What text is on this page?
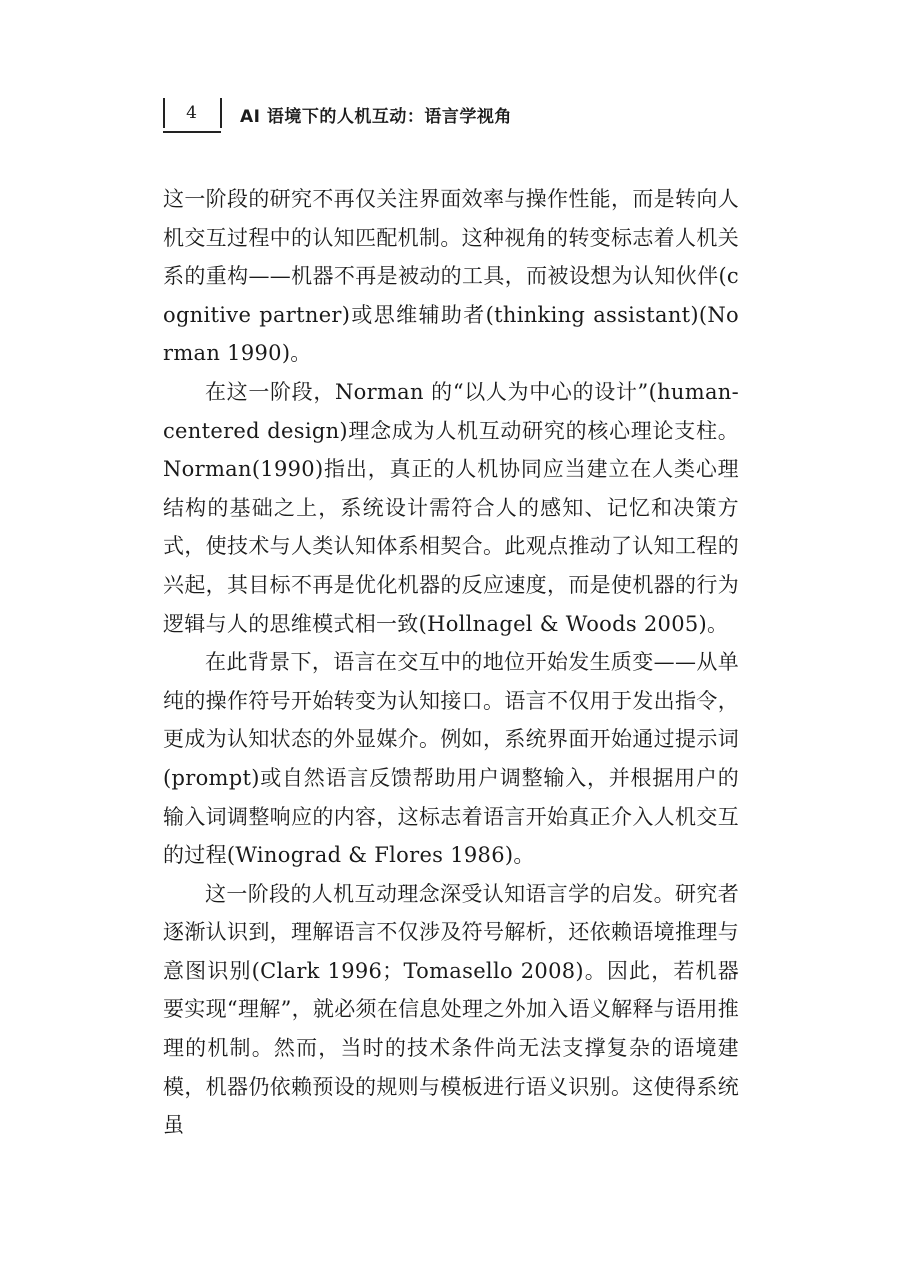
4	AI 语境下的人机互动：语言学视角

这一阶段的研究不再仅关注界面效率与操作性能，而是转向人机交互过程中的认知匹配机制。这种视角的转变标志着人机关系的重构——机器不再是被动的工具，而被设想为认知伙伴(cognitive partner)或思维辅助者(thinking assistant)(Norman 1990)。

在这一阶段，Norman 的“以人为中心的设计”(human-centered design)理念成为人机互动研究的核心理论支柱。Norman(1990)指出，真正的人机协同应当建立在人类心理结构的基础之上，系统设计需符合人的感知、记忆和决策方式，使技术与人类认知体系相契合。此观点推动了认知工程的兴起，其目标不再是优化机器的反应速度，而是使机器的行为逻辑与人的思维模式相一致(Hollnagel & Woods 2005)。

在此背景下，语言在交互中的地位开始发生质变——从单纯的操作符号开始转变为认知接口。语言不仅用于发出指令，更成为认知状态的外显媒介。例如，系统界面开始通过提示词(prompt)或自然语言反馈帮助用户调整输入，并根据用户的输入词调整响应的内容，这标志着语言开始真正介入人机交互的过程(Winograd & Flores 1986)。

这一阶段的人机互动理念深受认知语言学的启发。研究者逐渐认识到，理解语言不仅涉及符号解析，还依赖语境推理与意图识别(Clark 1996；Tomasello 2008)。因此，若机器要实现“理解”，就必须在信息处理之外加入语义解释与语用推理的机制。然而，当时的技术条件尚无法支撑复杂的语境建模，机器仍依赖预设的规则与模板进行语义识别。这使得系统虽
